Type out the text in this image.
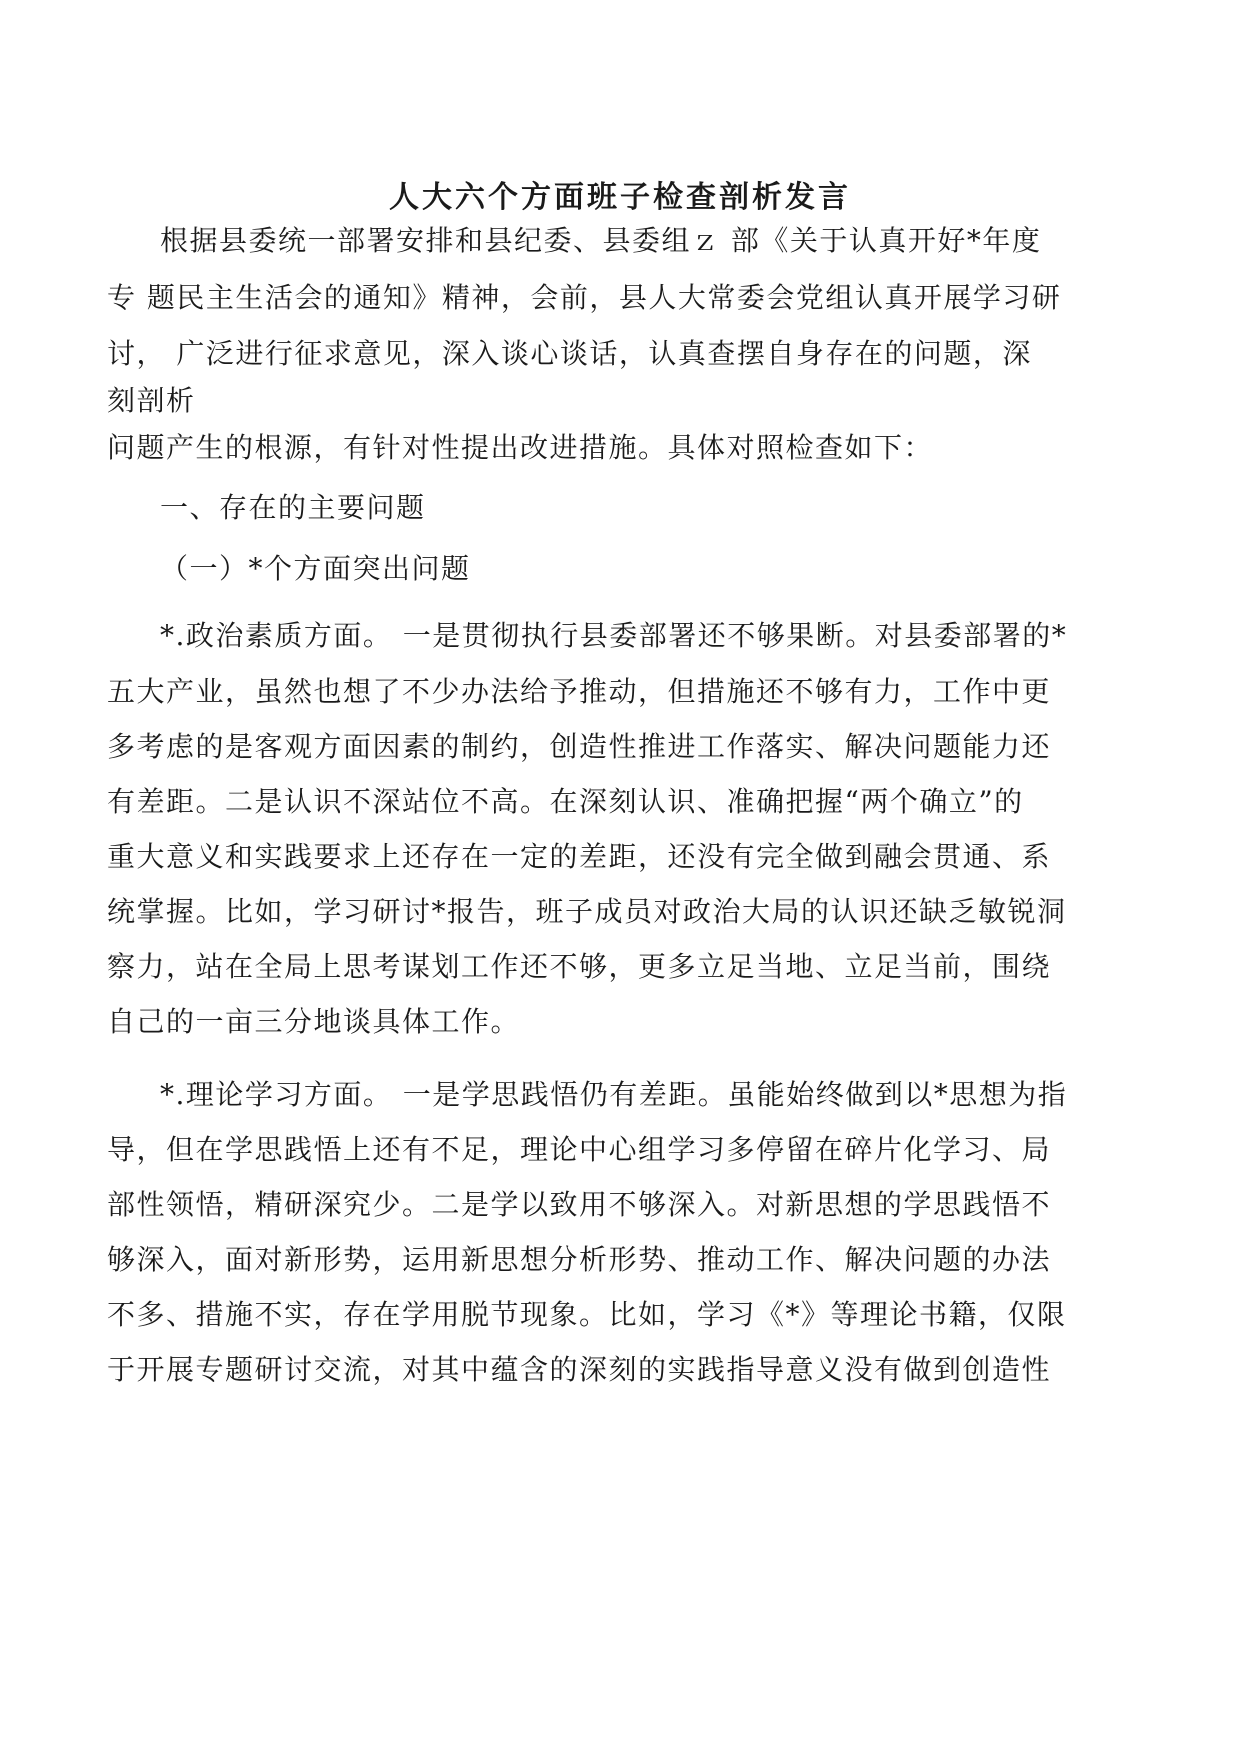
人大六个方面班子检查剖析发言
根据县委统一部署安排和县纪委、县委组ｚ 部《关于认真开好*年度
专 题民主生活会的通知》精神，会前，县人大常委会党组认真开展学习研
讨， 广泛进行征求意见，深入谈心谈话，认真查摆自身存在的问题，深
刻剖析
问题产生的根源，有针对性提出改进措施。具体对照检查如下：
一、存在的主要问题
（一）*个方面突出问题
*.政治素质方面。 一是贯彻执行县委部署还不够果断。对县委部署的*
五大产业，虽然也想了不少办法给予推动，但措施还不够有力，工作中更
多考虑的是客观方面因素的制约，创造性推进工作落实、解决问题能力还
有差距。二是认识不深站位不高。在深刻认识、准确把握“两个确立”的
重大意义和实践要求上还存在一定的差距，还没有完全做到融会贯通、系
统掌握。比如，学习研讨*报告，班子成员对政治大局的认识还缺乏敏锐洞
察力，站在全局上思考谋划工作还不够，更多立足当地、立足当前，围绕
自己的一亩三分地谈具体工作。
*.理论学习方面。 一是学思践悟仍有差距。虽能始终做到以*思想为指
导，但在学思践悟上还有不足，理论中心组学习多停留在碎片化学习、局
部性领悟，精研深究少。二是学以致用不够深入。对新思想的学思践悟不
够深入，面对新形势，运用新思想分析形势、推动工作、解决问题的办法
不多、措施不实，存在学用脱节现象。比如，学习《*》等理论书籍，仅限
于开展专题研讨交流，对其中蕴含的深刻的实践指导意义没有做到创造性
